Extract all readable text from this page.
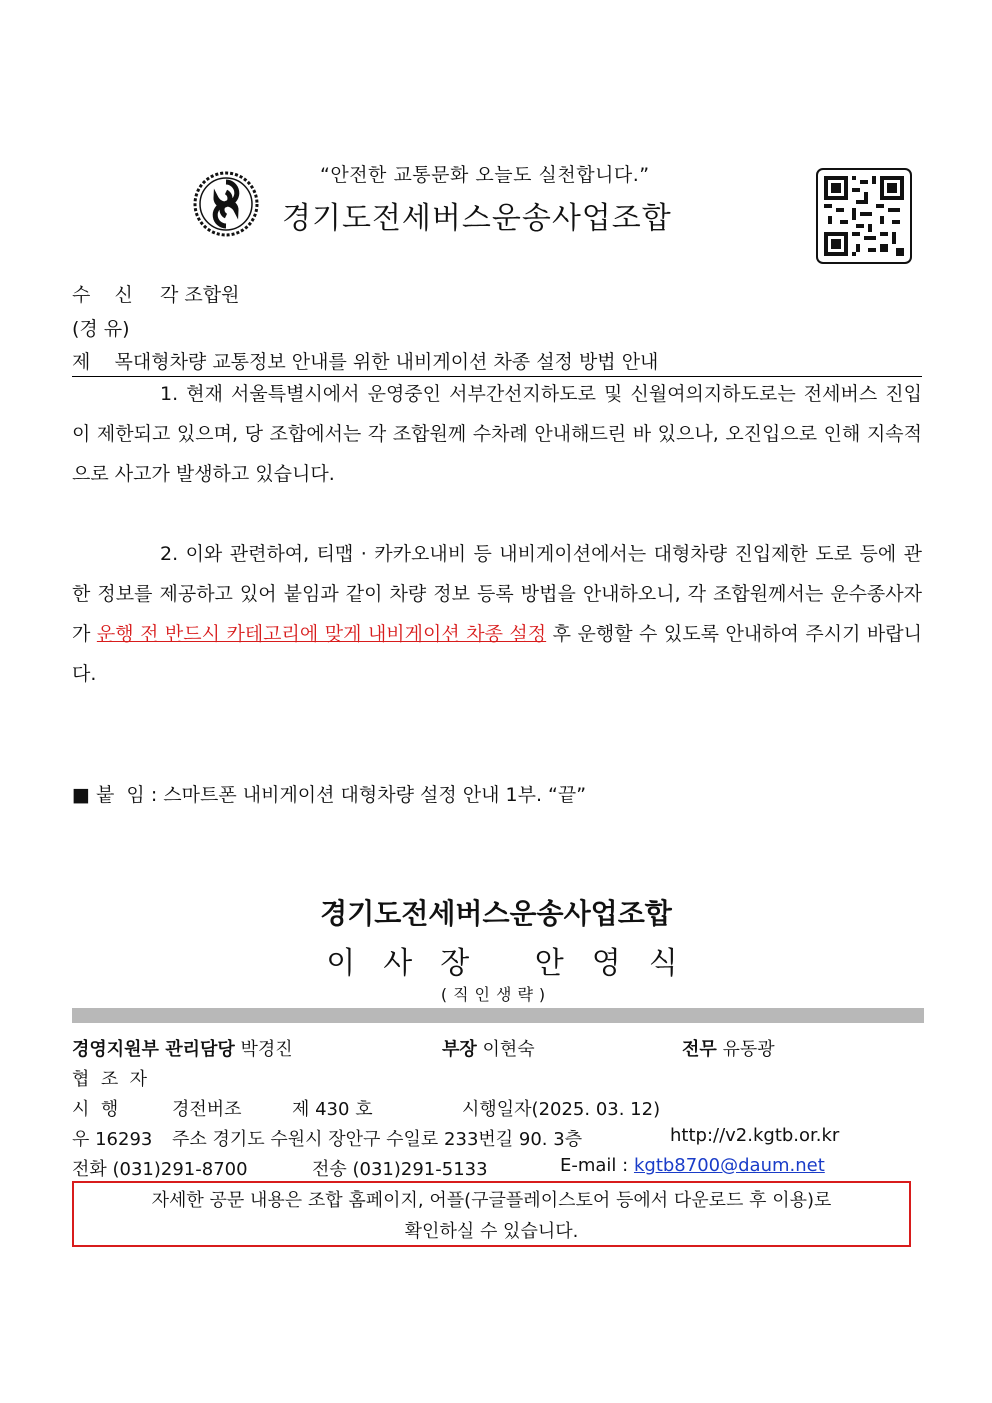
“안전한 교통문화 오늘도 실천합니다.”
경기도전세버스운송사업조합
수    신 각 조합원
(경 유)
제    목대형차량 교통정보 안내를 위한 내비게이션 차종 설정 방법 안내
1. 현재 서울특별시에서 운영중인 서부간선지하도로 및 신월여의지하도로는 전세버스 진입이 제한되고 있으며, 당 조합에서는 각 조합원께 수차례 안내해드린 바 있으나, 오진입으로 인해 지속적으로 사고가 발생하고 있습니다.
2. 이와 관련하여, 티맵 · 카카오내비 등 내비게이션에서는 대형차량 진입제한 도로 등에 관한 정보를 제공하고 있어 붙임과 같이 차량 정보 등록 방법을 안내하오니, 각 조합원께서는 운수종사자가 운행 전 반드시 카테고리에 맞게 내비게이션 차종 설정 후 운행할 수 있도록 안내하여 주시기 바랍니다.
■ 붙  임 : 스마트폰 내비게이션 대형차량 설정 안내 1부. “끝”
경기도전세버스운송사업조합
이사장 안영식
(직인생략)
경영지원부 관리담당 박경진	부장 이현숙	전무 유동광
협  조  자
시  행	경전버조	제 430 호	시행일자(2025. 03. 12)
우 16293 주소 경기도 수원시 장안구 수일로 233번길 90. 3층	http://v2.kgtb.or.kr
전화 (031)291-8700	전송 (031)291-5133	E-mail : kgtb8700@daum.net
자세한 공문 내용은 조합 홈페이지, 어플(구글플레이스토어 등에서 다운로드 후 이용)로
확인하실 수 있습니다.
